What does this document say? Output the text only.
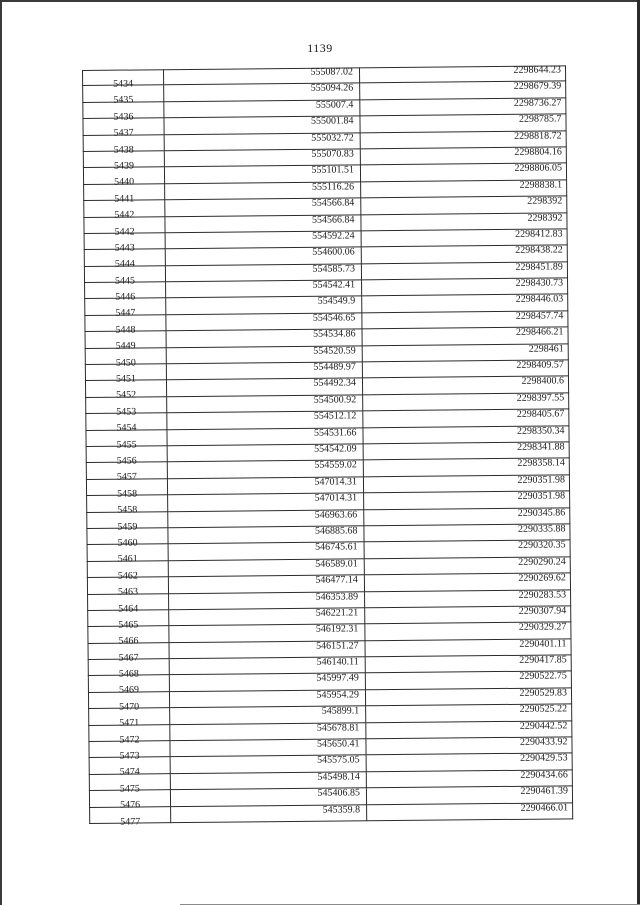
1139
5434
555087.02	2298644.23
5435
555094.26	2298679.39
5436
555007.4	2298736.27
5437
555001.84	2298785.7
5438
555032.72	2298818.72
5439
555070.83	2298804.16
5440
555101.51	2298806.05
5441
555116.26	2298838.1
5442
554566.84	2298392
5442
554566.84	2298392
5443
554592.24	2298412.83
5444
554600.06	2298438.22
5445
554585.73	2298451.89
5446
554542.41	2298430.73
5447
554549.9	2298446.03
5448
554546.65	2298457.74
5449
554534.86	2298466.21
5450
554520.59	2298461
5451
554489.97	2298409.57
5452
554492.34	2298400.6
5453
554500.92	2298397.55
5454
554512.12	2298405.67
5455
554531.66	2298350.34
5456
554542.09	2298341.88
5457
554559.02	2298358.14
5458
547014.31	2290351.98
5458
547014.31	2290351.98
5459
546963.66	2290345.86
5460
546885.68	2290335.88
5461
546745.61	2290320.35
5462
546589.01	2290290.24
5463
546477.14	2290269.62
5464
546353.89	2290283.53
5465
546221.21	2290307.94
5466
546192.31	2290329.27
5467
546151.27	2290401.11
5468
546140.11	2290417.85
5469
545997.49	2290522.75
5470
545954.29	2290529.83
5471
545899.1	2290525.22
5472
545678.81	2290442.52
5473
545650.41	2290433.92
5474
545575.05	2290429.53
5475
545498.14	2290434.66
5476
545406.85	2290461.39
5477
545359.8	2290466.01
